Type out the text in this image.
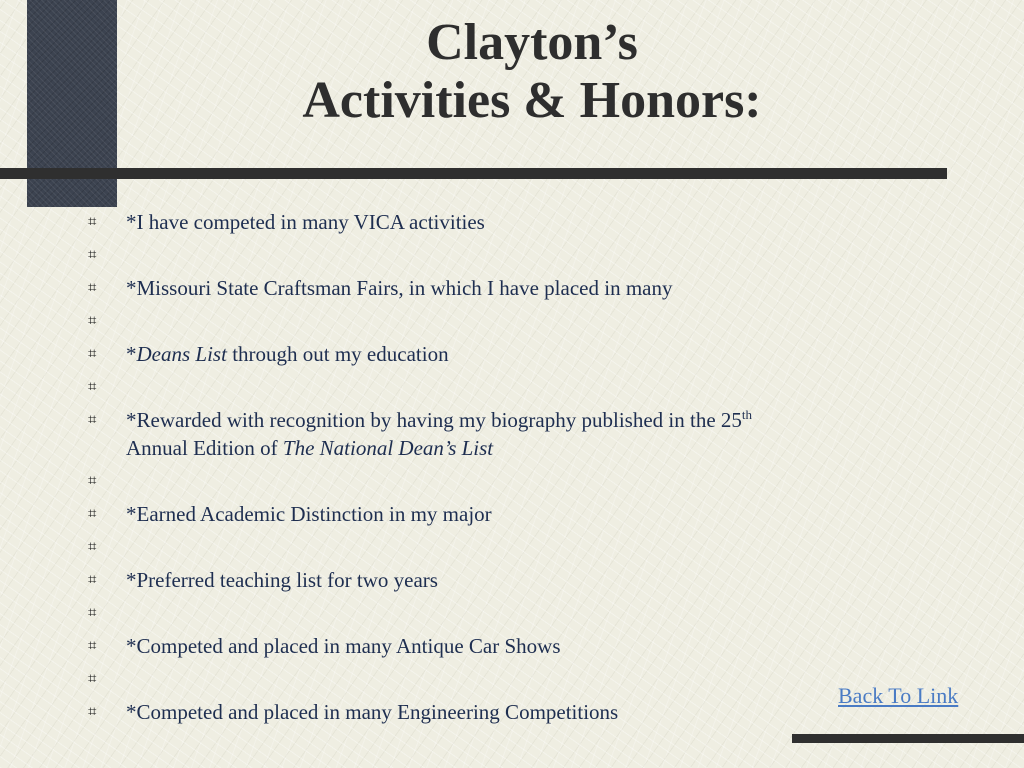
Clayton’s
Activities & Honors:
⌗ *I have competed in many VICA activities
⌗
⌗ *Missouri State Craftsman Fairs, in which I have placed in many
⌗
⌗ *Deans List through out my education
⌗
⌗ *Rewarded with recognition by having my biography published in the 25th
Annual Edition of The National Dean’s List
⌗
⌗ *Earned Academic Distinction in my major
⌗
⌗ *Preferred teaching list for two years
⌗
⌗ *Competed and placed in many Antique Car Shows
⌗
⌗ *Competed and placed in many Engineering Competitions
Back To Link
